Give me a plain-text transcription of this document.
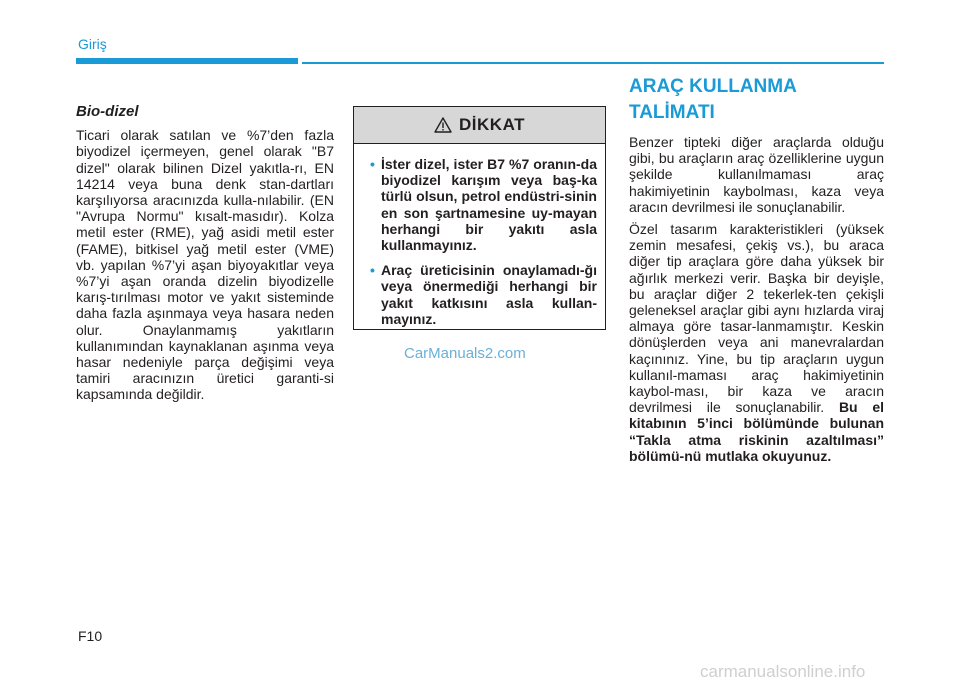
Giriş
Bio-dizel

Ticari olarak satılan ve %7’den fazla biyodizel içermeyen, genel olarak "B7 dizel" olarak bilinen Dizel yakıtla-rı, EN 14214 veya buna denk stan-dartları karşılıyorsa aracınızda kulla-nılabilir. (EN "Avrupa Normu" kısalt-masıdır). Kolza metil ester (RME), yağ asidi metil ester (FAME), bitkisel yağ metil ester (VME) vb. yapılan %7’yi aşan biyoyakıtlar veya %7’yi aşan oranda dizelin biyodizelle karış-tırılması motor ve yakıt sisteminde daha fazla aşınmaya veya hasara neden olur. Onaylanmamış yakıtların kullanımından kaynaklanan aşınma veya hasar nedeniyle parça değişimi veya tamiri aracınızın üretici garanti-si kapsamında değildir.

DİKKAT
• İster dizel, ister B7 %7 oranın-da biyodizel karışım veya baş-ka türlü olsun, petrol endüstri-sinin en son şartnamesine uy-mayan herhangi bir yakıtı asla kullanmayınız.
• Araç üreticisinin onaylamadı-ğı veya önermediği herhangi bir yakıt katkısını asla kullan-mayınız.
CarManuals2.com
ARAÇ KULLANMA
TALİMATI

Benzer tipteki diğer araçlarda olduğu gibi, bu araçların araç özelliklerine uygun şekilde kullanılmaması araç hakimiyetinin kaybolması, kaza veya aracın devrilmesi ile sonuçlanabilir.

Özel tasarım karakteristikleri (yüksek zemin mesafesi, çekiş vs.), bu araca diğer tip araçlara göre daha yüksek bir ağırlık merkezi verir. Başka bir deyişle, bu araçlar diğer 2 tekerlek-ten çekişli geleneksel araçlar gibi aynı hızlarda viraj almaya göre tasar-lanmamıştır. Keskin dönüşlerden veya ani manevralardan kaçınınız. Yine, bu tip araçların uygun kullanıl-maması araç hakimiyetinin kaybol-ması, bir kaza ve aracın devrilmesi ile sonuçlanabilir. Bu el kitabının 5’inci bölümünde bulunan “Takla atma riskinin azaltılması” bölümü-nü mutlaka okuyunuz.

F10
carmanualsonline.info
